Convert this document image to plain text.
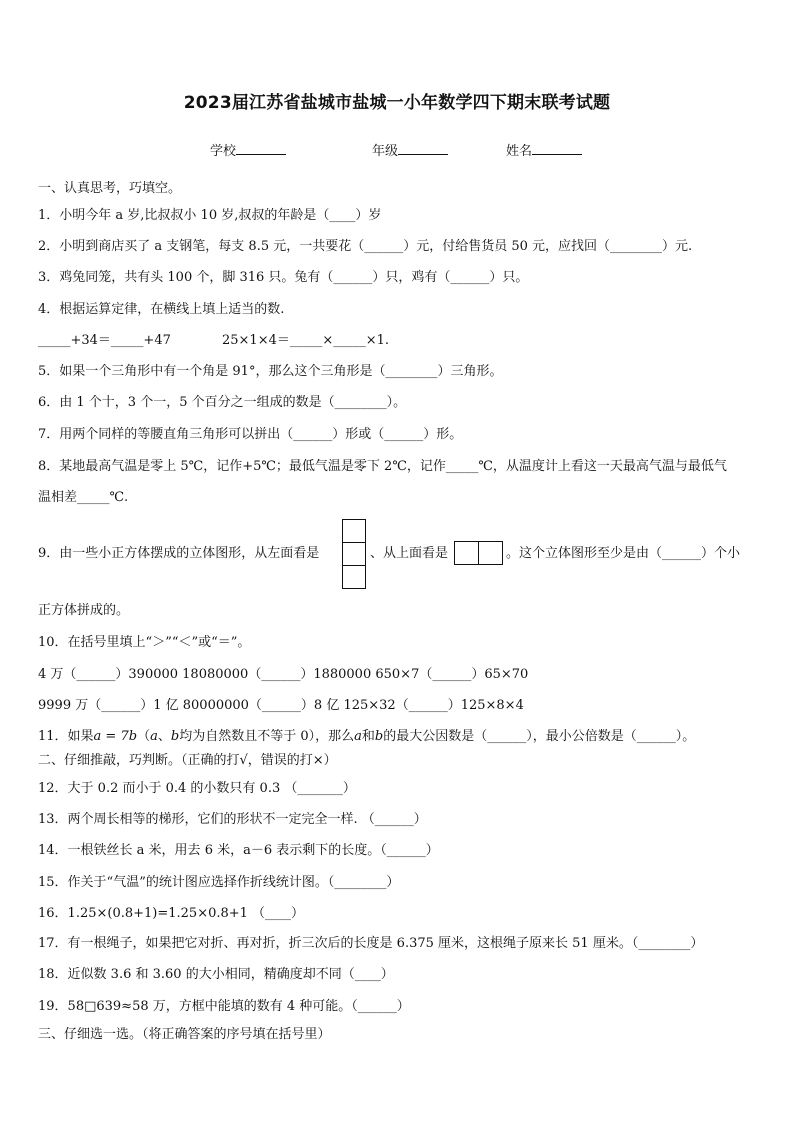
2023届江苏省盐城市盐城一小年数学四下期末联考试题
学校	年级	姓名
一、认真思考，巧填空。
1．小明今年 a 岁,比叔叔小 10 岁,叔叔的年龄是（____）岁
2．小明到商店买了 a 支钢笔，每支 8.5 元，一共要花（______）元，付给售货员 50 元，应找回（________）元.
3．鸡兔同笼，共有头 100 个，脚 316 只。兔有（______）只，鸡有（______）只。
4．根据运算定律，在横线上填上适当的数.
_____+34＝_____+47	25×1×4＝_____×_____×1.
5．如果一个三角形中有一个角是 91°，那么这个三角形是（________）三角形。
6．由 1 个十，3 个一，5 个百分之一组成的数是（________）。
7．用两个同样的等腰直角三角形可以拼出（______）形或（______）形。
8．某地最高气温是零上 5℃，记作+5℃；最低气温是零下 2℃，记作_____℃，从温度计上看这一天最高气温与最低气
温相差_____℃.
9．由一些小正方体摆成的立体图形，从左面看是	、从上面看是	。这个立体图形至少是由（______）个小
正方体拼成的。
10．在括号里填上“＞”“＜”或“＝”。
4 万（______）390000 18080000（______）1880000 650×7（______）65×70
9999 万（______）1 亿 80000000（______）8 亿 125×32（______）125×8×4
11．如果a = 7b（a、b均为自然数且不等于 0），那么a和b的最大公因数是（______），最小公倍数是（______）。
二、仔细推敲，巧判断。（正确的打√，错误的打×）
12．大于 0.2 而小于 0.4 的小数只有 0.3 （_______）
13．两个周长相等的梯形，它们的形状不一定完全一样. （______）
14．一根铁丝长 a 米，用去 6 米，a－6 表示剩下的长度。（______）
15．作关于“气温”的统计图应选择作折线统计图。（________）
16．1.25×(0.8+1)=1.25×0.8+1 （____）
17．有一根绳子，如果把它对折、再对折，折三次后的长度是 6.375 厘米，这根绳子原来长 51 厘米。（________）
18．近似数 3.6 和 3.60 的大小相同，精确度却不同（____）
19．58□639≈58 万，方框中能填的数有 4 种可能。（______）
三、仔细选一选。（将正确答案的序号填在括号里）
